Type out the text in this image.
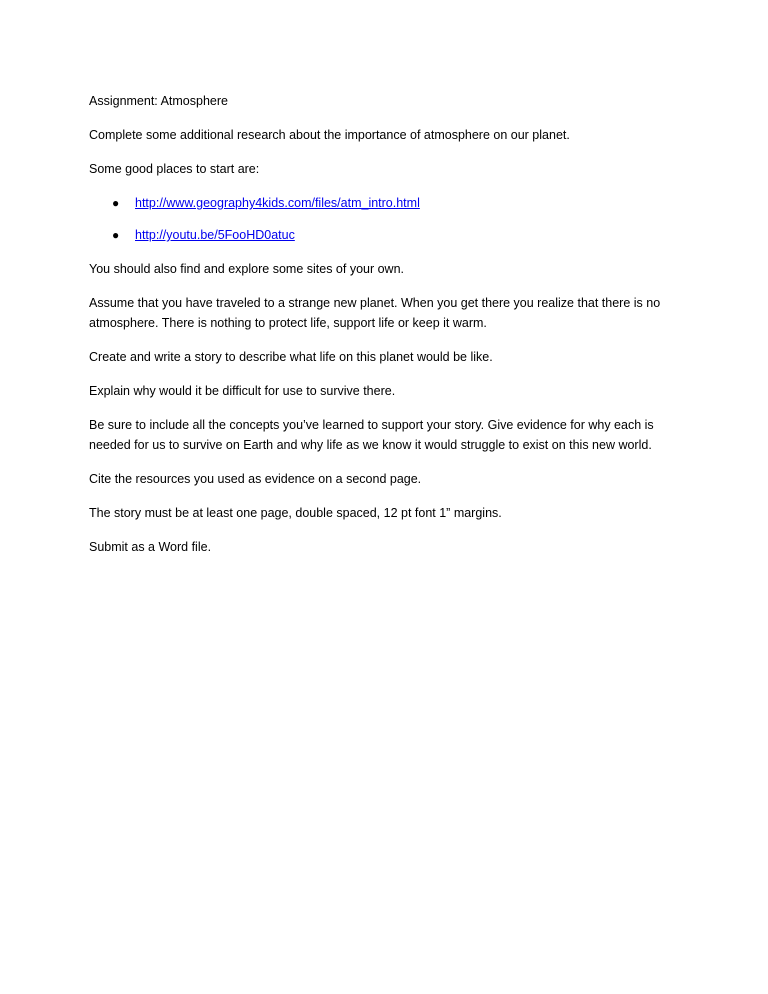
Assignment: Atmosphere

Complete some additional research about the importance of atmosphere on our planet.

Some good places to start are:

● http://www.geography4kids.com/files/atm_intro.html
● http://youtu.be/5FooHD0atuc

You should also find and explore some sites of your own.

Assume that you have traveled to a strange new planet. When you get there you realize that there is no atmosphere. There is nothing to protect life, support life or keep it warm.

Create and write a story to describe what life on this planet would be like.

Explain why would it be difficult for use to survive there.

Be sure to include all the concepts you’ve learned to support your story. Give evidence for why each is needed for us to survive on Earth and why life as we know it would struggle to exist on this new world.

Cite the resources you used as evidence on a second page.

The story must be at least one page, double spaced, 12 pt font 1” margins.

Submit as a Word file.
